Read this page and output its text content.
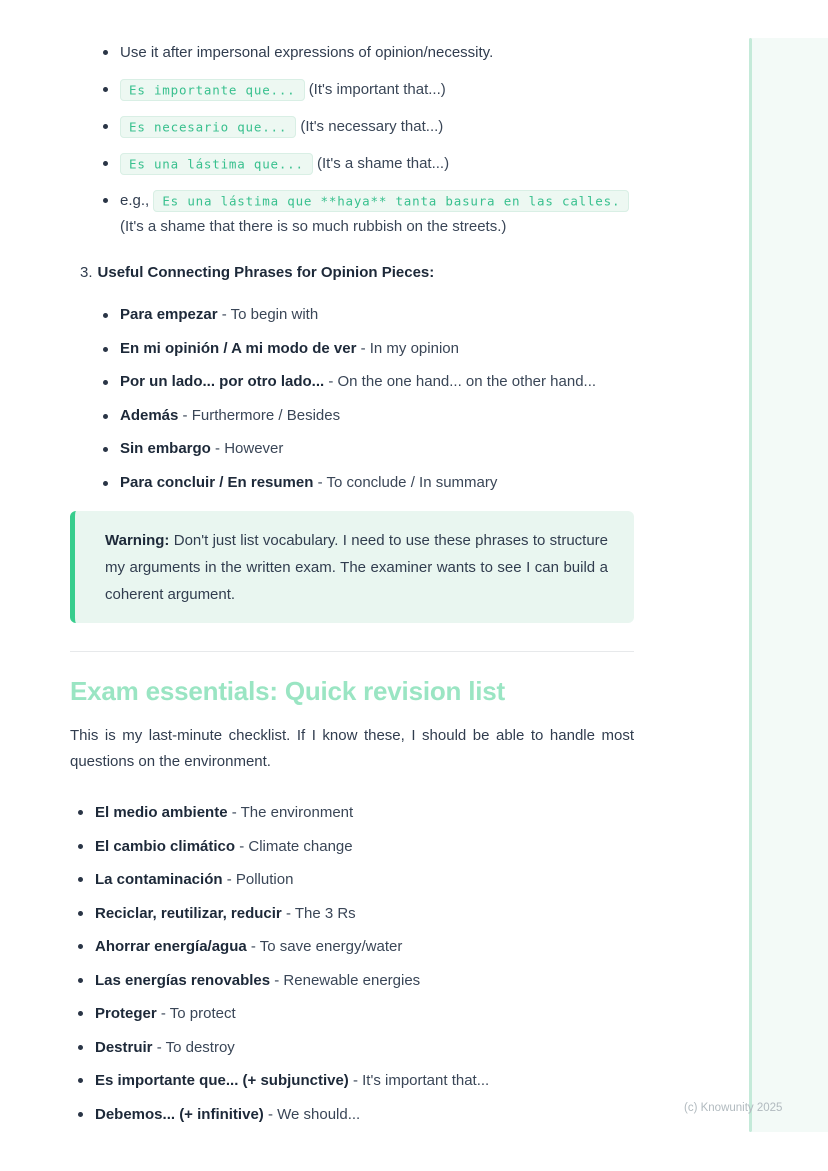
Use it after impersonal expressions of opinion/necessity.
Es importante que... (It's important that...)
Es necesario que... (It's necessary that...)
Es una lástima que... (It's a shame that...)
e.g., Es una lástima que **haya** tanta basura en las calles. (It's a shame that there is so much rubbish on the streets.)
3. Useful Connecting Phrases for Opinion Pieces:
Para empezar - To begin with
En mi opinión / A mi modo de ver - In my opinion
Por un lado... por otro lado... - On the one hand... on the other hand...
Además - Furthermore / Besides
Sin embargo - However
Para concluir / En resumen - To conclude / In summary

Warning: Don't just list vocabulary. I need to use these phrases to structure my arguments in the written exam. The examiner wants to see I can build a coherent argument.

Exam essentials: Quick revision list

This is my last-minute checklist. If I know these, I should be able to handle most questions on the environment.

El medio ambiente - The environment
El cambio climático - Climate change
La contaminación - Pollution
Reciclar, reutilizar, reducir - The 3 Rs
Ahorrar energía/agua - To save energy/water
Las energías renovables - Renewable energies
Proteger - To protect
Destruir - To destroy
Es importante que... (+ subjunctive) - It's important that...
Debemos... (+ infinitive) - We should...	(c) Knowunity 2025
